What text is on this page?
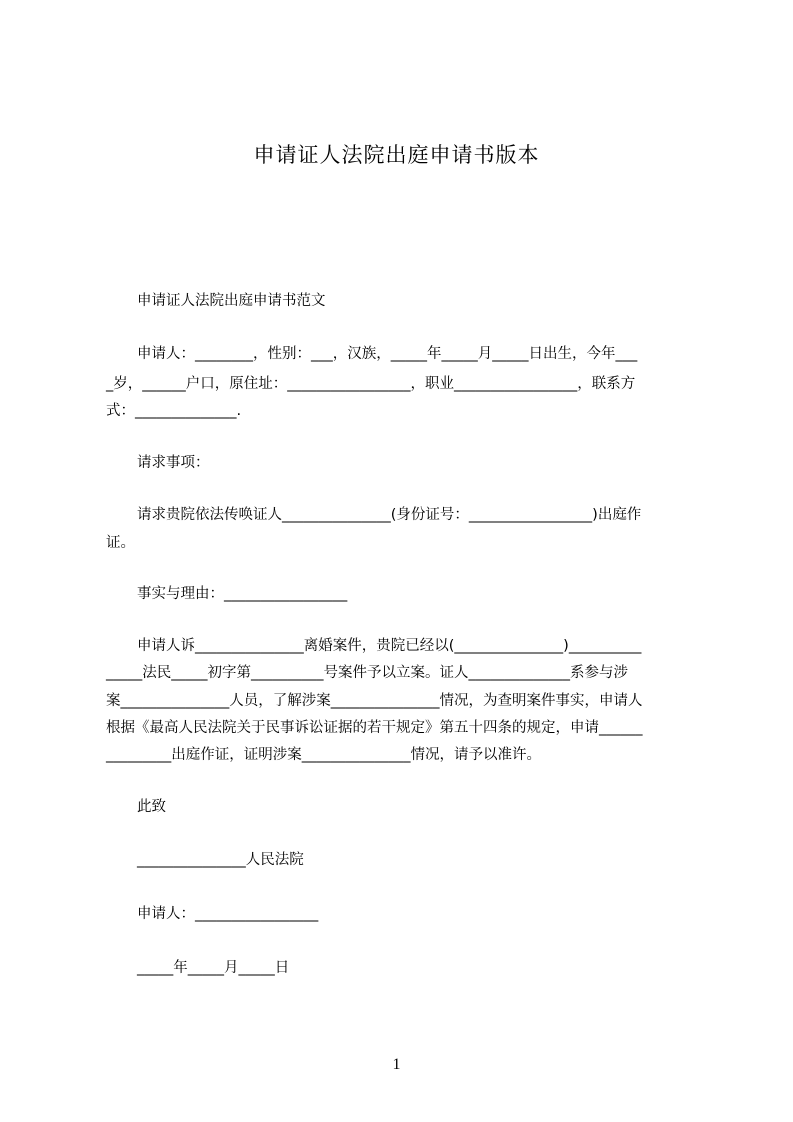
申请证人法院出庭申请书版本

申请证人法院出庭申请书范文

申请人：________，性别：___，汉族，_____年_____月_____日出生，今年___

_岁，______户口，原住址：_________________，职业_________________，联系方

式：______________.

请求事项：

请求贵院依法传唤证人_______________(身份证号：_________________)出庭作

证。

事实与理由：_________________

申请人诉_______________离婚案件，贵院已经以(_______________)__________

_____法民_____初字第__________号案件予以立案。证人______________系参与涉

案_______________人员，了解涉案_______________情况，为查明案件事实，申请人

根据《最高人民法院关于民事诉讼证据的若干规定》第五十四条的规定，申请______

_________出庭作证，证明涉案_______________情况，请予以准许。

此致

_______________人民法院

申请人：_________________

_____年_____月_____日

1
